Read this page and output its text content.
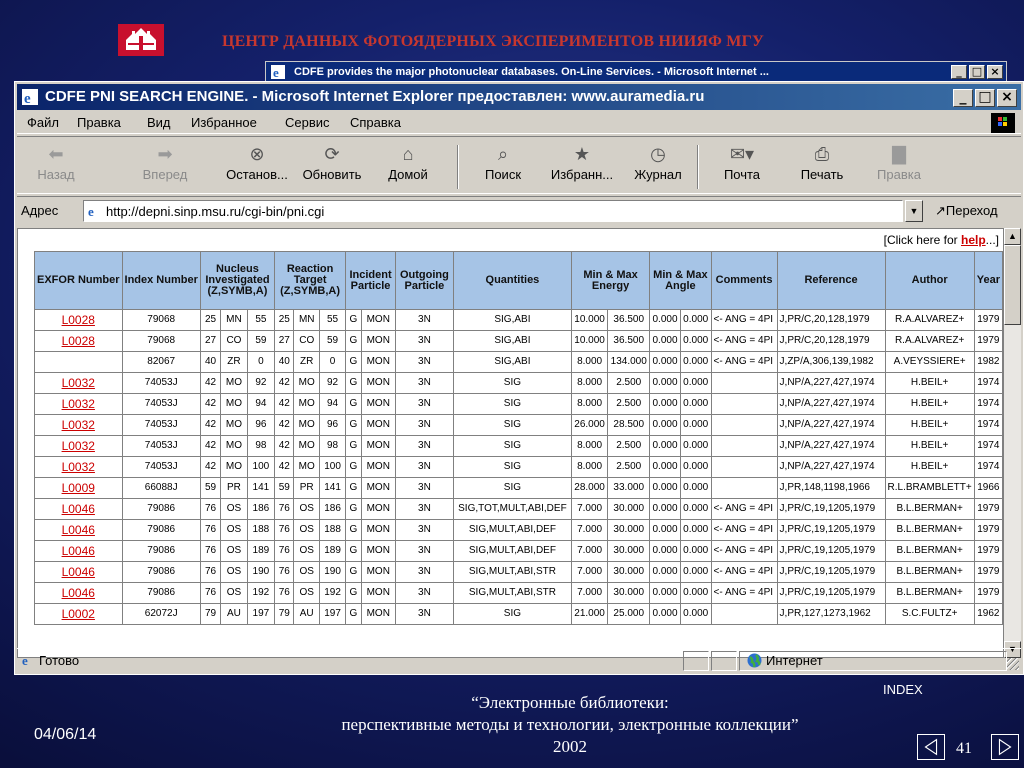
ЦЕНТР ДАННЫХ ФОТОЯДЕРНЫХ ЭКСПЕРИМЕНТОВ НИИЯФ МГУ
e CDFE provides the major photonuclear databases. On-Line Services. - Microsoft Internet ...	_ □ ×
e CDFE PNI SEARCH ENGINE. - Microsoft Internet Explorer предоставлен: www.auramedia.ru	_ □ ×
Файл Правка Вид Избранное Сервис Справка
⬅
Назад
➡
Вперед
⊗
Останов...
⟳
Обновить
⌂
Домой
⌕
Поиск
★
Избранн...
◷
Журнал
✉▾
Почта
⎙
Печать
▇
Правка
Адрес e http://depni.sinp.msu.ru/cgi-bin/pni.cgi	▼	↗Переход
[Click here for help...]
EXFOR Number	Index Number	Nucleus Investigated (Z,SYMB,A)			Reaction Target (Z,SYMB,A)			Incident Particle		Outgoing Particle	Quantities	Min & Max Energy		Min & Max Angle		Comments	Reference	Author	Year
L0028	79068	25	MN	55	25	MN	55	G	MON	3N	SIG,ABI	10.000	36.500	0.000	0.000	<- ANG = 4PI	J,PR/C,20,128,1979	R.A.ALVAREZ+	1979
L0028	79068	27	CO	59	27	CO	59	G	MON	3N	SIG,ABI	10.000	36.500	0.000	0.000	<- ANG = 4PI	J,PR/C,20,128,1979	R.A.ALVAREZ+	1979
	82067	40	ZR	0	40	ZR	0	G	MON	3N	SIG,ABI	8.000	134.000	0.000	0.000	<- ANG = 4PI	J,ZP/A,306,139,1982	A.VEYSSIERE+	1982
L0032	74053J	42	MO	92	42	MO	92	G	MON	3N	SIG	8.000	2.500	0.000	0.000		J,NP/A,227,427,1974	H.BEIL+	1974
L0032	74053J	42	MO	94	42	MO	94	G	MON	3N	SIG	8.000	2.500	0.000	0.000		J,NP/A,227,427,1974	H.BEIL+	1974
L0032	74053J	42	MO	96	42	MO	96	G	MON	3N	SIG	26.000	28.500	0.000	0.000		J,NP/A,227,427,1974	H.BEIL+	1974
L0032	74053J	42	MO	98	42	MO	98	G	MON	3N	SIG	8.000	2.500	0.000	0.000		J,NP/A,227,427,1974	H.BEIL+	1974
L0032	74053J	42	MO	100	42	MO	100	G	MON	3N	SIG	8.000	2.500	0.000	0.000		J,NP/A,227,427,1974	H.BEIL+	1974
L0009	66088J	59	PR	141	59	PR	141	G	MON	3N	SIG	28.000	33.000	0.000	0.000		J,PR,148,1198,1966	R.L.BRAMBLETT+	1966
L0046	79086	76	OS	186	76	OS	186	G	MON	3N	SIG,TOT,MULT,ABI,DEF	7.000	30.000	0.000	0.000	<- ANG = 4PI	J,PR/C,19,1205,1979	B.L.BERMAN+	1979
L0046	79086	76	OS	188	76	OS	188	G	MON	3N	SIG,MULT,ABI,DEF	7.000	30.000	0.000	0.000	<- ANG = 4PI	J,PR/C,19,1205,1979	B.L.BERMAN+	1979
L0046	79086	76	OS	189	76	OS	189	G	MON	3N	SIG,MULT,ABI,DEF	7.000	30.000	0.000	0.000	<- ANG = 4PI	J,PR/C,19,1205,1979	B.L.BERMAN+	1979
L0046	79086	76	OS	190	76	OS	190	G	MON	3N	SIG,MULT,ABI,STR	7.000	30.000	0.000	0.000	<- ANG = 4PI	J,PR/C,19,1205,1979	B.L.BERMAN+	1979
L0046	79086	76	OS	192	76	OS	192	G	MON	3N	SIG,MULT,ABI,STR	7.000	30.000	0.000	0.000	<- ANG = 4PI	J,PR/C,19,1205,1979	B.L.BERMAN+	1979
L0002	62072J	79	AU	197	79	AU	197	G	MON	3N	SIG	21.000	25.000	0.000	0.000		J,PR,127,1273,1962	S.C.FULTZ+	1962
▲
▼
e Готово	Интернет
INDEX
“Электронные библиотеки:
перспективные методы и технологии, электронные коллекции”
2002
04/06/14
41
